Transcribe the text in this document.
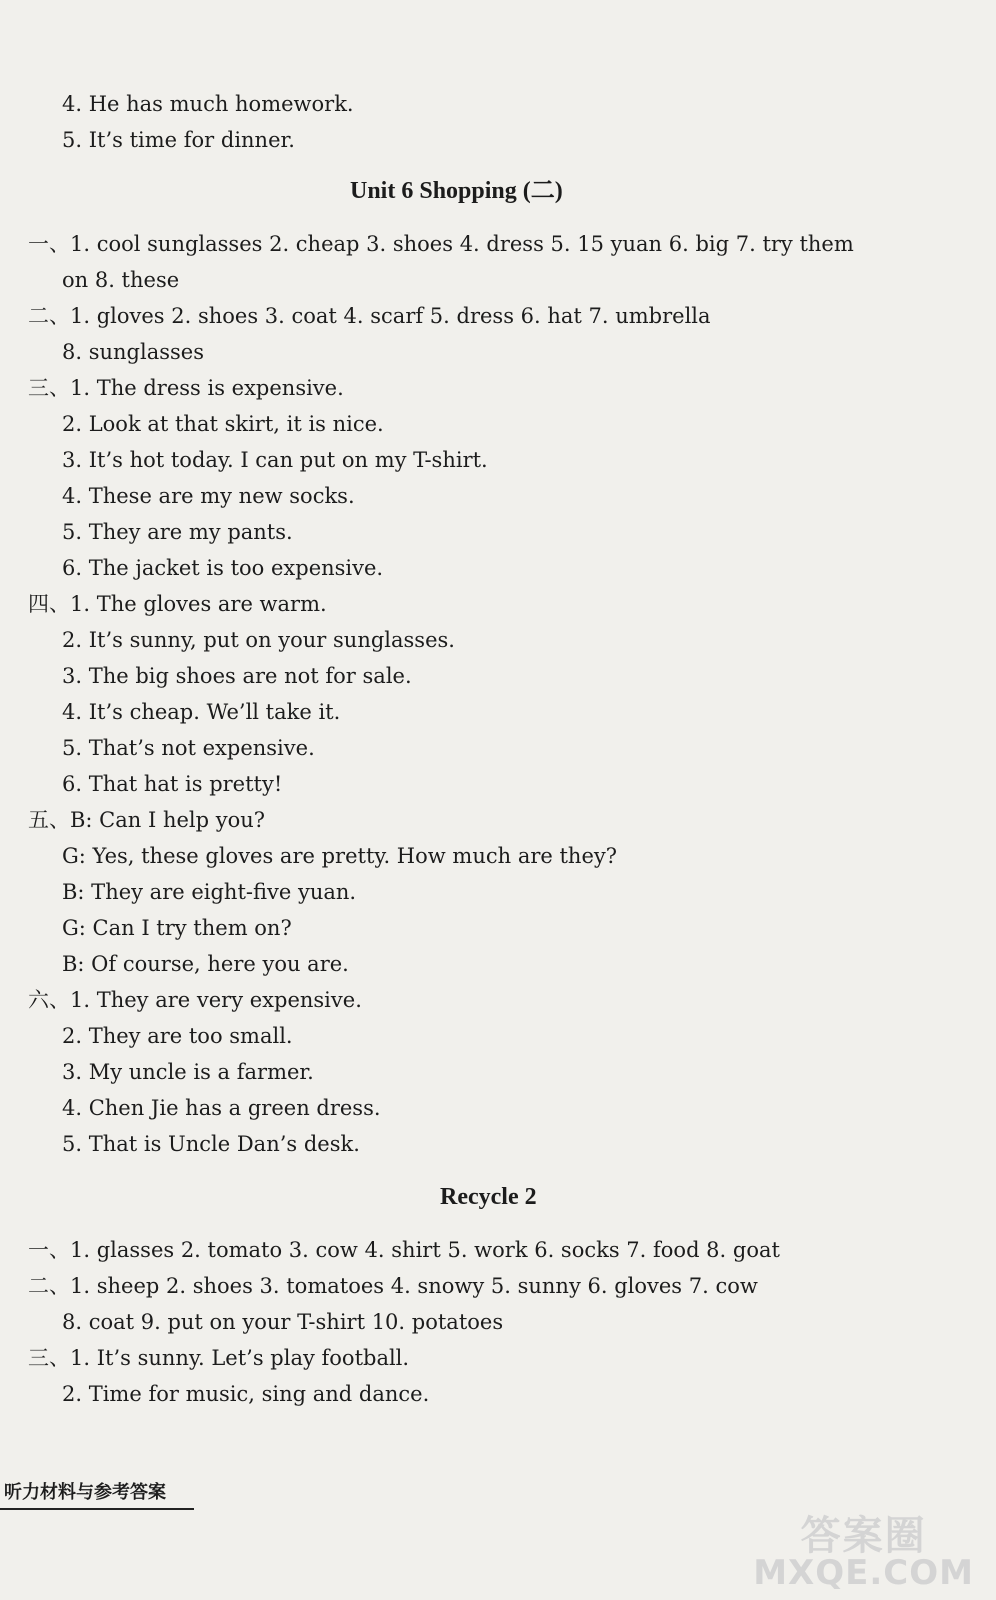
4. He has much homework.
5. It’s time for dinner.
Unit 6 Shopping (二)
一、1. cool sunglasses 2. cheap 3. shoes 4. dress 5. 15 yuan 6. big 7. try them
on 8. these
二、1. gloves 2. shoes 3. coat 4. scarf 5. dress 6. hat 7. umbrella
8. sunglasses
三、1. The dress is expensive.
2. Look at that skirt, it is nice.
3. It’s hot today. I can put on my T-shirt.
4. These are my new socks.
5. They are my pants.
6. The jacket is too expensive.
四、1. The gloves are warm.
2. It’s sunny, put on your sunglasses.
3. The big shoes are not for sale.
4. It’s cheap. We’ll take it.
5. That’s not expensive.
6. That hat is pretty!
五、B: Can I help you?
G: Yes, these gloves are pretty. How much are they?
B: They are eight-five yuan.
G: Can I try them on?
B: Of course, here you are.
六、1. They are very expensive.
2. They are too small.
3. My uncle is a farmer.
4. Chen Jie has a green dress.
5. That is Uncle Dan’s desk.
Recycle 2
一、1. glasses 2. tomato 3. cow 4. shirt 5. work 6. socks 7. food 8. goat
二、1. sheep 2. shoes 3. tomatoes 4. snowy 5. sunny 6. gloves 7. cow
8. coat 9. put on your T-shirt 10. potatoes
三、1. It’s sunny. Let’s play football.
2. Time for music, sing and dance.
听力材料与参考答案
答案圈
MXQE.COM
